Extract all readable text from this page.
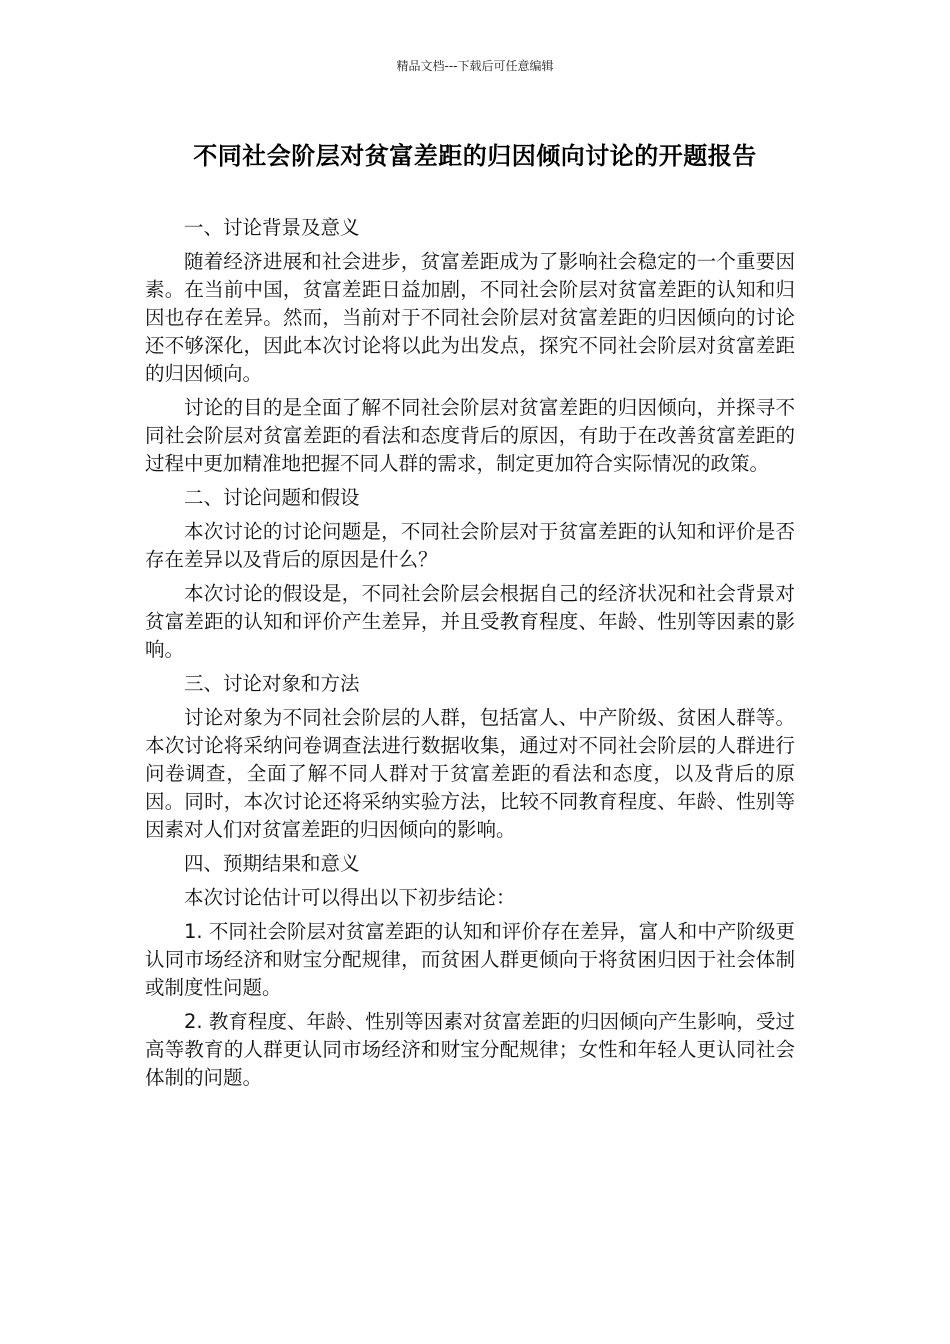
精品文档---下载后可任意编辑
不同社会阶层对贫富差距的归因倾向讨论的开题报告

一、讨论背景及意义

随着经济进展和社会进步，贫富差距成为了影响社会稳定的一个重要因素。在当前中国，贫富差距日益加剧，不同社会阶层对贫富差距的认知和归因也存在差异。然而，当前对于不同社会阶层对贫富差距的归因倾向的讨论还不够深化，因此本次讨论将以此为出发点，探究不同社会阶层对贫富差距的归因倾向。

讨论的目的是全面了解不同社会阶层对贫富差距的归因倾向，并探寻不同社会阶层对贫富差距的看法和态度背后的原因，有助于在改善贫富差距的过程中更加精准地把握不同人群的需求，制定更加符合实际情况的政策。

二、讨论问题和假设

本次讨论的讨论问题是，不同社会阶层对于贫富差距的认知和评价是否存在差异以及背后的原因是什么？

本次讨论的假设是，不同社会阶层会根据自己的经济状况和社会背景对贫富差距的认知和评价产生差异，并且受教育程度、年龄、性别等因素的影响。

三、讨论对象和方法

讨论对象为不同社会阶层的人群，包括富人、中产阶级、贫困人群等。本次讨论将采纳问卷调查法进行数据收集，通过对不同社会阶层的人群进行问卷调查，全面了解不同人群对于贫富差距的看法和态度，以及背后的原因。同时，本次讨论还将采纳实验方法，比较不同教育程度、年龄、性别等因素对人们对贫富差距的归因倾向的影响。

四、预期结果和意义

本次讨论估计可以得出以下初步结论：

1. 不同社会阶层对贫富差距的认知和评价存在差异，富人和中产阶级更认同市场经济和财宝分配规律，而贫困人群更倾向于将贫困归因于社会体制或制度性问题。

2. 教育程度、年龄、性别等因素对贫富差距的归因倾向产生影响，受过高等教育的人群更认同市场经济和财宝分配规律；女性和年轻人更认同社会体制的问题。
